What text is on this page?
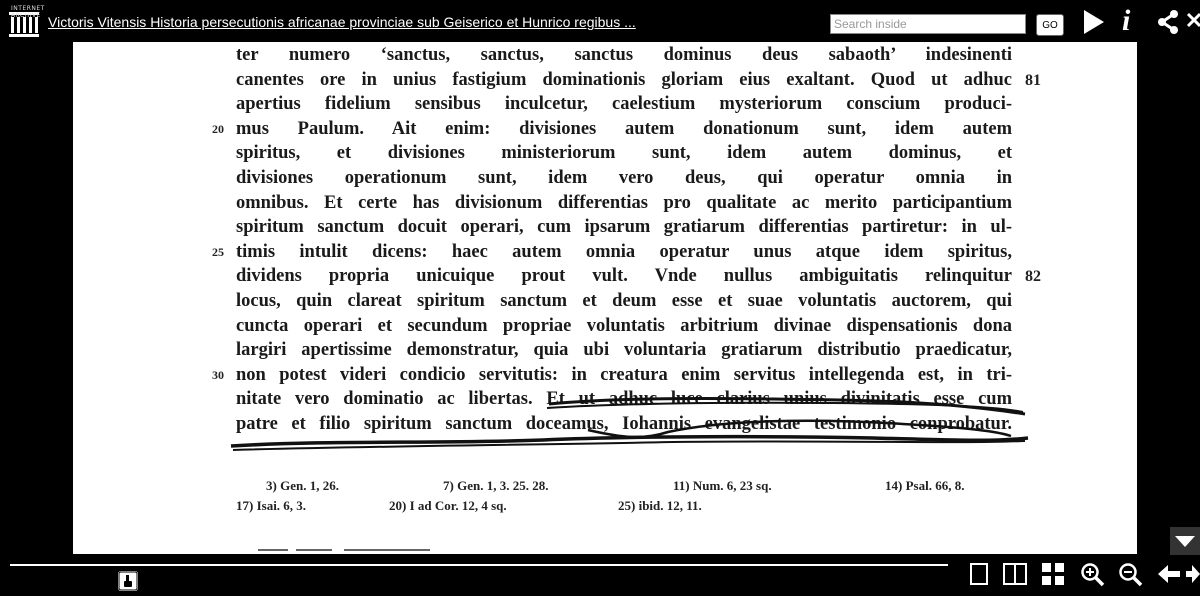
INTERNET ARCHIVE Victoris Vitensis Historia persecutionis africanae provinciae sub Geiserico et Hunrico regibus ...
Search inside	GO i
ter numero ‘sanctus, sanctus, sanctus dominus deus sabaoth’ indesinenti
canentes ore in unius fastigium dominationis gloriam eius exaltant. Quod ut adhuc 81
apertius fidelium sensibus inculcetur, caelestium mysteriorum conscium produci-
mus Paulum. Ait enim: divisiones autem donationum sunt, idem autem
20
spiritus, et divisiones ministeriorum sunt, idem autem dominus, et
divisiones operationum sunt, idem vero deus, qui operatur omnia in
omnibus. Et certe has divisionum differentias pro qualitate ac merito participantium
spiritum sanctum docuit operari, cum ipsarum gratiarum differentias partiretur: in ul-
timis intulit dicens: haec autem omnia operatur unus atque idem spiritus,
25
dividens propria unicuique prout vult. Vnde nullus ambiguitatis relinquitur 82
locus, quin clareat spiritum sanctum et deum esse et suae voluntatis auctorem, qui
cuncta operari et secundum propriae voluntatis arbitrium divinae dispensationis dona
largiri apertissime demonstratur, quia ubi voluntaria gratiarum distributio praedicatur,
non potest videri condicio servitutis: in creatura enim servitus intellegenda est, in tri-
30
nitate vero dominatio ac libertas. Et ut adhuc luce clarius unius divinitatis esse cum
patre et filio spiritum sanctum doceamus, Iohannis evangelistae testimonio conprobatur.
3) Gen. 1, 26.	7) Gen. 1, 3. 25. 28.	11) Num. 6, 23 sq.	14) Psal. 66, 8.
17) Isai. 6, 3.	20) I ad Cor. 12, 4 sq.	25) ibid. 12, 11.
